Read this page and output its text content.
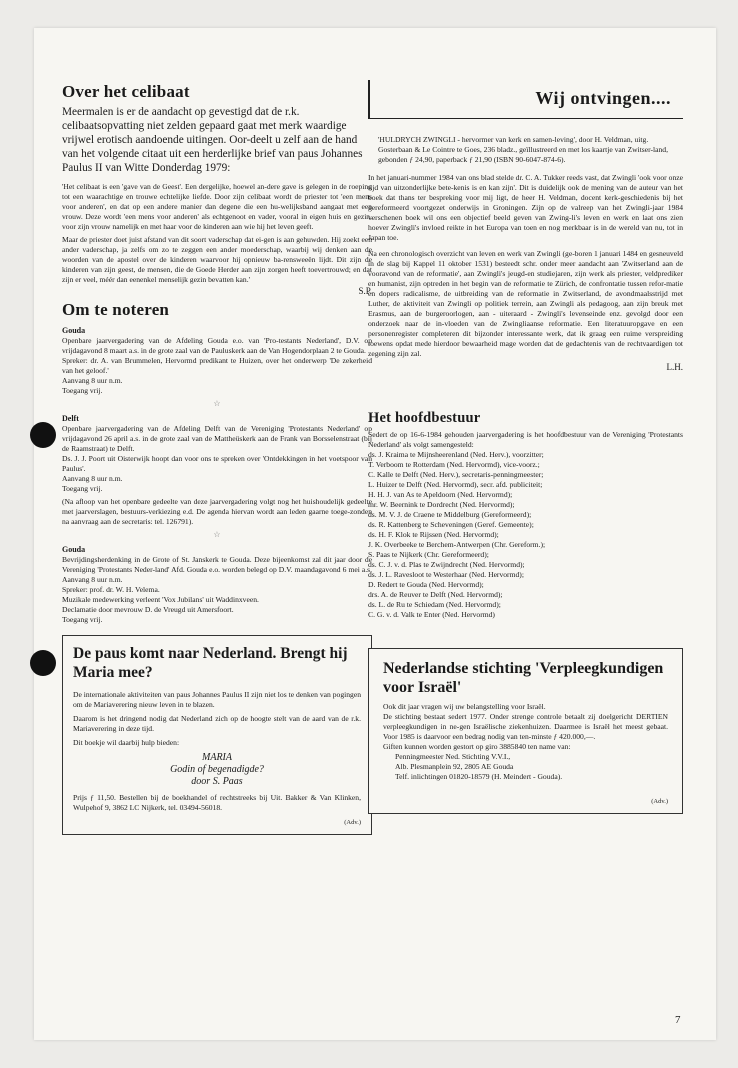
Over het celibaat

Meermalen is er de aandacht op gevestigd dat de r.k. celibaatsopvatting niet zelden gepaard gaat met merk waardige vrijwel erotisch aandoende uitingen. Oor-deelt u zelf aan de hand van het volgende citaat uit een herderlijke brief van paus Johannes Paulus II van Witte Donderdag 1979:

'Het celibaat is een 'gave van de Geest'. Een dergelijke, hoewel an-dere gave is gelegen in de roeping tot een waarachtige en trouwe echtelijke liefde. Door zijn celibaat wordt de priester tot 'een mens voor anderen', en dat op een andere manier dan degene die een hu-welijksband aangaat met een vrouw. Deze wordt 'een mens voor anderen' als echtgenoot en vader, vooral in eigen huis en gezin, voor zijn vrouw namelijk en met haar voor de kinderen aan wie hij het leven geeft.

Maar de priester doet juist afstand van dit soort vaderschap dat ei-gen is aan gehuwden. Hij zoekt een ander vaderschap, ja zelfs om zo te zeggen een ander moederschap, waarbij wij denken aan de woorden van de apostel over de kinderen waarvoor hij opnieuw ba-rensweeën lijdt. Dit zijn de kinderen van zijn geest, de mensen, die de Goede Herder aan zijn zorgen heeft toevertrouwd; en dat zijn er veel, méér dan eenenkel menselijk gezin bevatten kan.'

S.P.
Om te noteren
Gouda

Openbare jaarvergadering van de Afdeling Gouda e.o. van 'Pro-testants Nederland', D.V. op vrijdagavond 8 maart a.s. in de grote zaal van de Pauluskerk aan de Van Hogendorplaan 2 te Gouda.

Spreker: dr. A. van Brummelen, Hervormd predikant te Huizen, over het onderwerp 'De zekerheid van het geloof.'

Aanvang 8 uur n.m.

Toegang vrij.

☆
Delft

Openbare jaarvergadering van de Afdeling Delft van de Vereniging 'Protestants Nederland' op vrijdagavond 26 april a.s. in de grote zaal van de Mattheüskerk aan de Frank van Borsselenstraat (bij de Raamstraat) te Delft.

Ds. J. J. Poort uit Oisterwijk hoopt dan voor ons te spreken over 'Ontdekkingen in het voetspoor van Paulus'.

Aanvang 8 uur n.m.

Toegang vrij.

(Na afloop van het openbare gedeelte van deze jaarvergadering volgt nog het huishoudelijk gedeelte met jaarverslagen, bestuurs-verkiezing e.d. De agenda hiervan wordt aan leden gaarne toege-zonden na aanvraag aan de secretaris: tel. 126791).

☆
Gouda

Bevrijdingsherdenking in de Grote of St. Janskerk te Gouda. Deze bijeenkomst zal dit jaar door de Vereniging 'Protestants Neder-land' Afd. Gouda e.o. worden belegd op D.V. maandagavond 6 mei a.s. Aanvang 8 uur n.m.

Spreker: prof. dr. W. H. Velema.

Muzikale medewerking verleent 'Vox Jubilans' uit Waddinxveen.

Declamatie door mevrouw D. de Vreugd uit Amersfoort.

Toegang vrij.

De paus komt naar Nederland. Brengt hij Maria mee?

De internationale aktiviteiten van paus Johannes Paulus II zijn niet los te denken van pogingen om de Mariaverering nieuw leven in te blazen.

Daarom is het dringend nodig dat Nederland zich op de hoogte stelt van de aard van de r.k. Mariaverering in deze tijd.

Dit boekje wil daarbij hulp bieden:

MARIA
Godin of begenadigde?
door S. Paas

Prijs ƒ 11,50. Bestellen bij de boekhandel of rechtstreeks bij Uit. Bakker & Van Klinken, Wulpehof 9, 3862 LC Nijkerk, tel. 03494-56018.

(Adv.)
Wij ontvingen....

'HULDRYCH ZWINGLI - hervormer van kerk en samen-leving', door H. Veldman, uitg. Gosterbaan & Le Cointre te Goes, 236 bladz., geïllustreerd en met los kaartje van Zwitser-land, gebonden ƒ 24,90, paperback ƒ 21,90 (ISBN 90-6047-874-6).

In het januari-nummer 1984 van ons blad stelde dr. C. A. Tukker reeds vast, dat Zwingli 'ook voor onze tijd van uitzonderlijke bete-kenis is en kan zijn'. Dit is duidelijk ook de mening van de auteur van het boek dat thans ter bespreking voor mij ligt, de heer H. Veldman, docent kerk-geschiedenis bij het gereformeerd voortgezet onderwijs in Groningen. Zijn op de valreep van het Zwingli-jaar 1984 verschenen boek wil ons een objectief beeld geven van Zwing-li's leven en werk en laat ons zien hoever Zwingli's invloed reikte in het Europa van toen en nog merkbaar is in de wereld van nu, tot in Japan toe.

Na een chronologisch overzicht van leven en werk van Zwingli (ge-boren 1 januari 1484 en gesneuveld in de slag bij Kappel 11 oktober 1531) besteedt schr. onder meer aandacht aan 'Zwitserland aan de vooravond van de reformatie', aan Zwingli's jeugd-en studiejaren, zijn werk als priester, veldprediker en humanist, zijn optreden in het begin van de reformatie te Zürich, de confrontatie tussen refor-matie en dopers radicalisme, de uitbreiding van de reformatie in Zwitserland, de avondmaalsstrijd met Luther, de aktiviteit van Zwingli op politiek terrein, aan Zwingli als pedagoog, aan zijn breuk met Erasmus, aan de burgeroorlogen, aan - uiteraard - Zwingli's levenseinde enz. gevolgd door een onderzoek naar de in-vloeden van de Zwingliaanse reformatie. Een literatuuropgave en een personenregister completeren dit bijzonder interessante werk, dat ik graag een ruime verspreiding toewens opdat mede hierdoor bewaarheid mage worden dat de gedachtenis van de rechtvaardigen tot zegening zijn zal.

L.H.
Het hoofdbestuur

Sedert de op 16-6-1984 gehouden jaarvergadering is het hoofdbestuur van de Vereniging 'Protestants Nederland' als volgt samengesteld:

ds. J. Kraima te Mijnsheerenland (Ned. Herv.), voorzitter;
T. Verboom te Rotterdam (Ned. Hervormd), vice-voorz.;
C. Kalle te Delft (Ned. Herv.), secretaris-penningmeester;
L. Huizer te Delft (Ned. Hervormd), secr. afd. publiciteit;
H. H. J. van As te Apeldoorn (Ned. Hervormd);
mr. W. Beernink te Dordrecht (Ned. Hervormd);
ds. M. V. J. de Craene te Middelburg (Gereformeerd);
ds. R. Kattenberg te Scheveningen (Geref. Gemeente);
ds. H. F. Klok te Rijssen (Ned. Hervormd);
J. K. Overbeeke te Berchem-Antwerpen (Chr. Gereform.);
S. Paas te Nijkerk (Chr. Gereformeerd);
ds. C. J. v. d. Plas te Zwijndrecht (Ned. Hervormd);
ds. J. L. Ravesloot te Westerhaar (Ned. Hervormd);
D. Redert te Gouda (Ned. Hervormd);
drs. A. de Reuver te Delft (Ned. Hervormd);
ds. L. de Ru te Schiedam (Ned. Hervormd);
C. G. v. d. Valk te Enter (Ned. Hervormd)
Nederlandse stichting 'Verpleegkundigen voor Israël'

Ook dit jaar vragen wij uw belangstelling voor Israël.

De stichting bestaat sedert 1977. Onder strenge controle betaalt zij doelgericht DERTIEN verpleegkundigen in ne-gen Israëlische ziekenhuizen. Daarmee is Israël het meest gebaat. Voor 1985 is daarvoor een bedrag nodig van ten-minste ƒ 420.000,—.

Giften kunnen worden gestort op giro 3885840 ten name van:

Penningmeester Ned. Stichting V.V.I.,

Alb. Plesmanplein 92, 2805 AE Gouda

Telf. inlichtingen 01820-18579 (H. Meindert - Gouda).

(Adv.)
7
